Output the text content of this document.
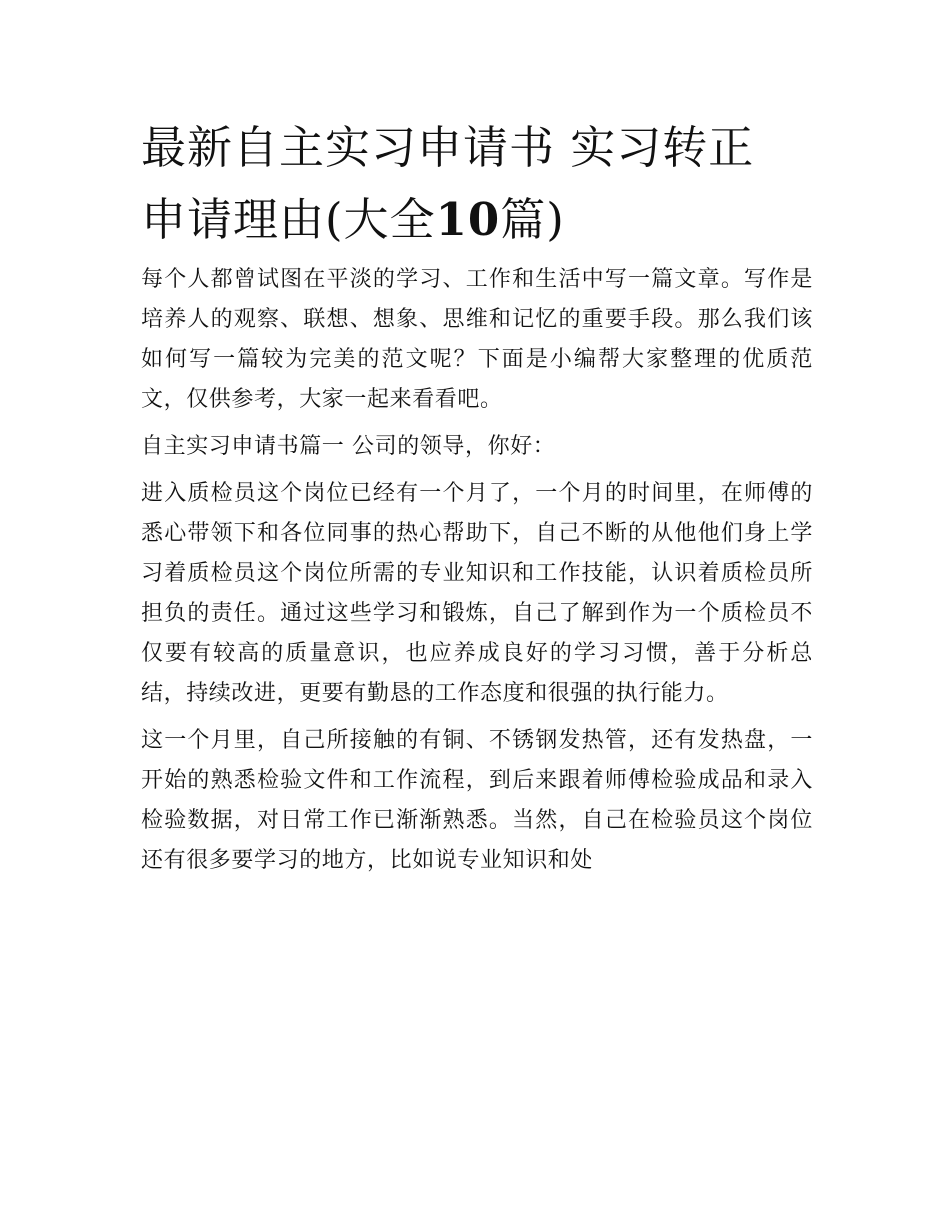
最新自主实习申请书 实习转正
申请理由(大全10篇)

每个人都曾试图在平淡的学习、工作和生活中写一篇文章。写作是培养人的观察、联想、想象、思维和记忆的重要手段。那么我们该如何写一篇较为完美的范文呢？下面是小编帮大家整理的优质范文，仅供参考，大家一起来看看吧。

自主实习申请书篇一 公司的领导，你好：

进入质检员这个岗位已经有一个月了，一个月的时间里，在师傅的悉心带领下和各位同事的热心帮助下，自己不断的从他他们身上学习着质检员这个岗位所需的专业知识和工作技能，认识着质检员所担负的责任。通过这些学习和锻炼，自己了解到作为一个质检员不仅要有较高的质量意识，也应养成良好的学习习惯，善于分析总结，持续改进，更要有勤恳的工作态度和很强的执行能力。

这一个月里，自己所接触的有铜、不锈钢发热管，还有发热盘，一开始的熟悉检验文件和工作流程，到后来跟着师傅检验成品和录入检验数据，对日常工作已渐渐熟悉。当然，自己在检验员这个岗位还有很多要学习的地方，比如说专业知识和处
